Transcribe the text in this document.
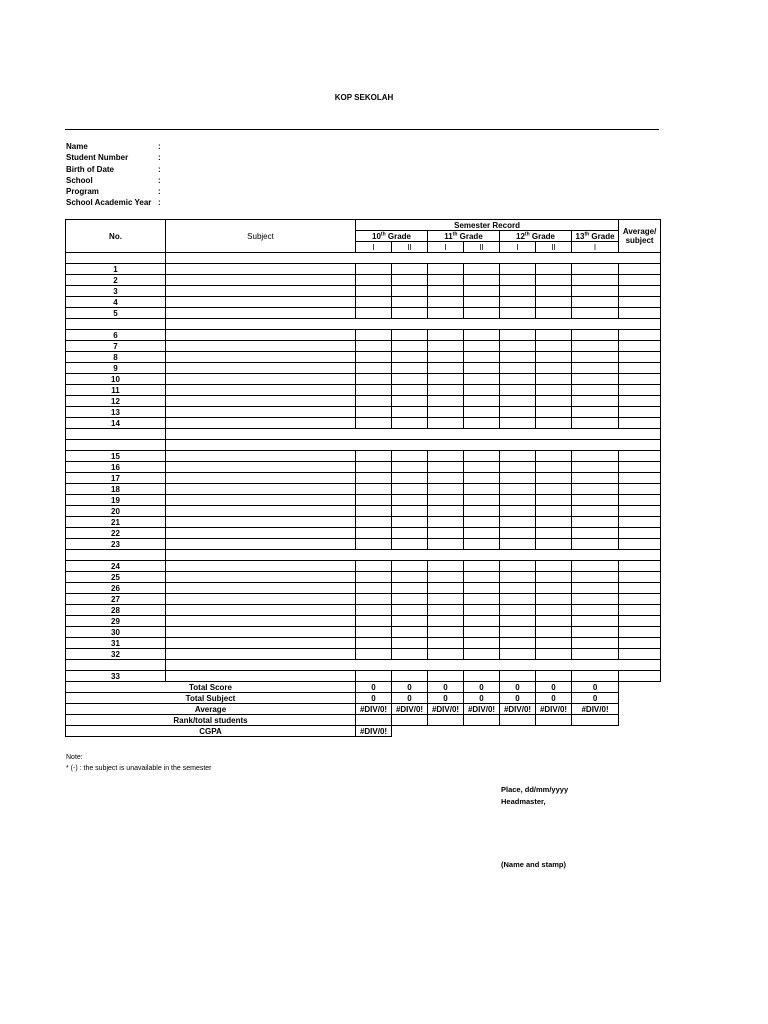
KOP SEKOLAH
Name	:
Student Number	:
Birth of Date	:
School	:
Program	:
School Academic Year :
No.	Subject	Semester Record							Average/
subject

		10th Grade		11th Grade		12th Grade		13th Grade	
		I	II	I	II	I	II	I	

1									
2									
3									
4									
5									

6									
7									
8									
9									
10									
11									
12									
13									
14									

15									
16									
17									
18									
19									
20									
21									
22									
23									

24									
25									
26									
27									
28									
29									
30									
31									
32									

33									
Total Score		0	0	0	0	0	0	0	
Total Subject		0	0	0	0	0	0	0	
Average		#DIV/0!	#DIV/0!	#DIV/0!	#DIV/0!	#DIV/0!	#DIV/0!	#DIV/0!	
Rank/total students									
CGPA		#DIV/0!							
Note:
* (-) : the subject is unavailable in the semester
Place, dd/mm/yyyy
Headmaster,
(Name and stamp)
